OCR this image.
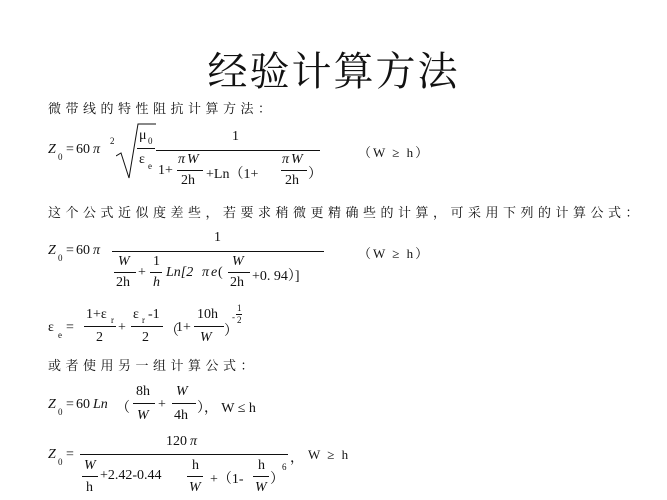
经验计算方法
微带线的特性阻抗计算方法：
Z 0 = 60 π
2 μ 0
ε e
1
1+
π W
2h +Ln（1+
π W
2h ）
（W ≥ h）
这个公式近似度差些，若要求稍微更精确些的计算，可采用下列的计算公式：
Z 0 = 60 π
1
W
2h
+
1
h
Ln[2 π e (
W
2h +0. 94）]
（W ≥ h）
ε e =
1+ε r
2
+
ε r -1
2 （
1+
10h
W ）
-
1
2
或者使用另一组计算公式：
Z 0 = 60 Ln （
8h
W
+
W
4h ）， W ≤ h
Z 0 =
120 π
W
h
+2.42-0.44
h
W
+（1-
h
W
）
6
， W ≥ h
